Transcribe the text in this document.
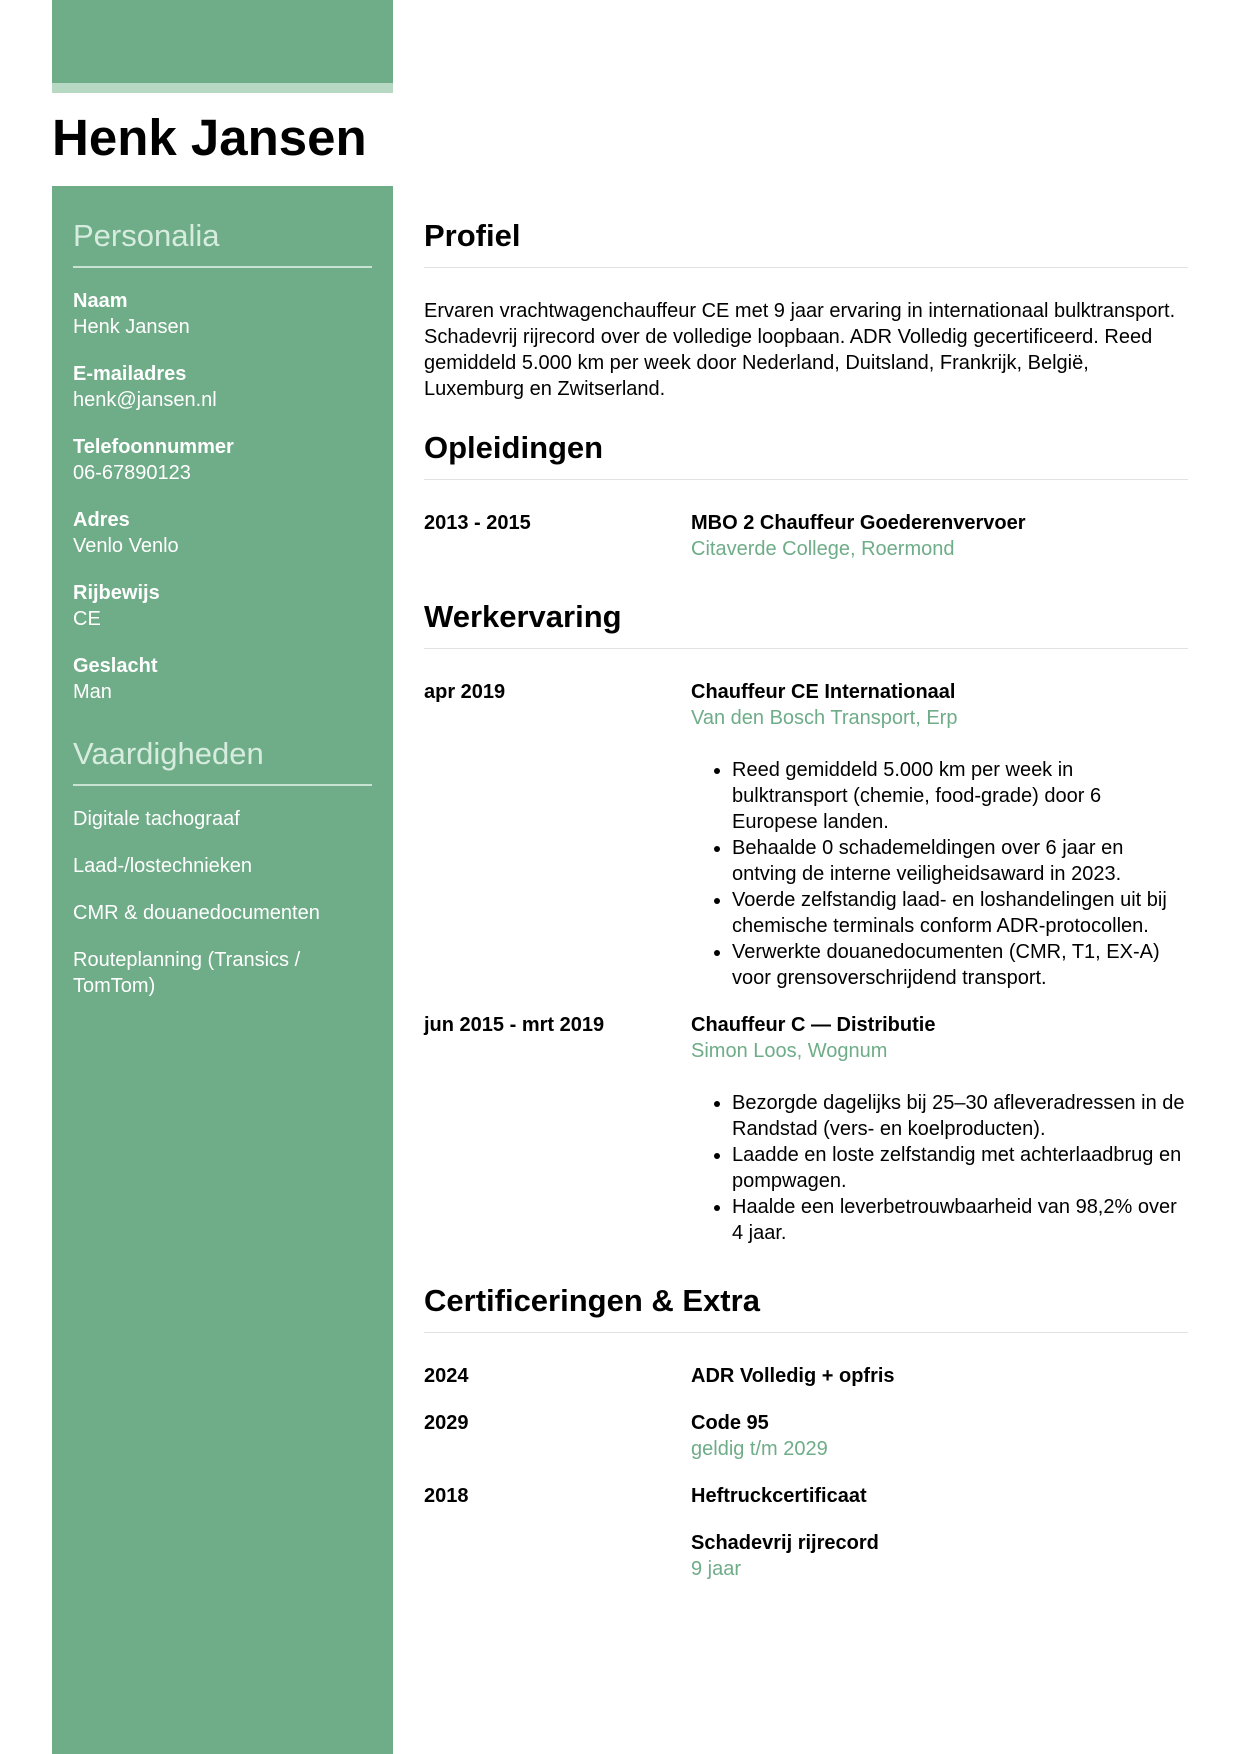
Henk Jansen
Personalia
Naam
Henk Jansen
E-mailadres
henk@jansen.nl
Telefoonnummer
06-67890123
Adres
Venlo Venlo
Rijbewijs
CE
Geslacht
Man
Vaardigheden
Digitale tachograaf
Laad-/lostechnieken
CMR & douanedocumenten
Routeplanning (Transics / TomTom)
Profiel

Ervaren vrachtwagenchauffeur CE met 9 jaar ervaring in internationaal bulktransport. Schadevrij rijrecord over de volledige loopbaan. ADR Volledig gecertificeerd. Reed gemiddeld 5.000 km per week door Nederland, Duitsland, Frankrijk, België, Luxemburg en Zwitserland.

Opleidingen
2013 - 2015	MBO 2 Chauffeur Goederenvervoer
Citaverde College, Roermond
Werkervaring
apr 2019	Chauffeur CE Internationaal
Van den Bosch Transport, Erp
• Reed gemiddeld 5.000 km per week in bulktransport (chemie, food-grade) door 6 Europese landen.
• Behaalde 0 schademeldingen over 6 jaar en ontving de interne veiligheidsaward in 2023.
• Voerde zelfstandig laad- en loshandelingen uit bij chemische terminals conform ADR-protocollen.
• Verwerkte douanedocumenten (CMR, T1, EX-A) voor grensoverschrijdend transport.
jun 2015 - mrt 2019	Chauffeur C — Distributie
Simon Loos, Wognum
• Bezorgde dagelijks bij 25–30 afleveradressen in de Randstad (vers- en koelproducten).
• Laadde en loste zelfstandig met achterlaadbrug en pompwagen.
• Haalde een leverbetrouwbaarheid van 98,2% over 4 jaar.
Certificeringen & Extra
2024	ADR Volledig + opfris
2029	Code 95
geldig t/m 2029
2018	Heftruckcertificaat
Schadevrij rijrecord
9 jaar
